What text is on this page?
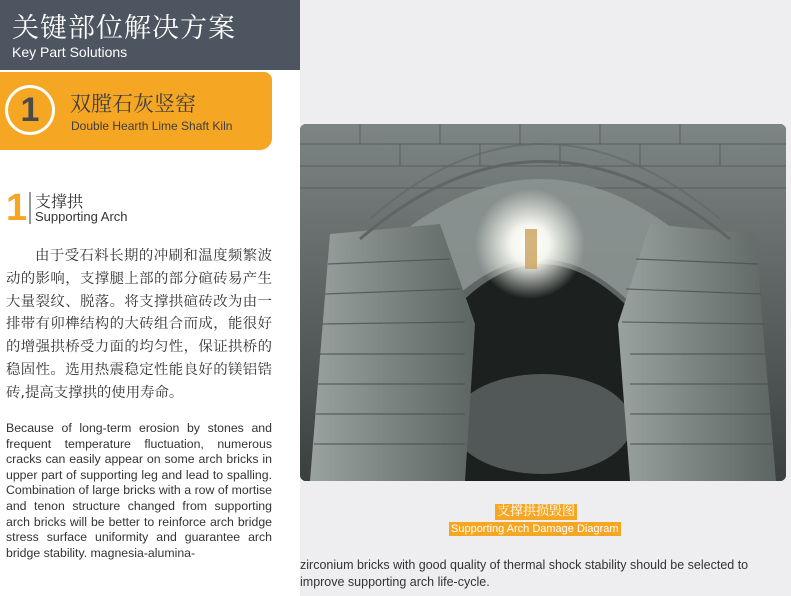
关键部位解决方案
Key Part Solutions
1	双膛石灰竖窑
Double Hearth Lime Shaft Kiln
1 支撑拱
Supporting Arch
由于受石料长期的冲刷和温度频繁波动的影响，支撑腿上部的部分碹砖易产生大量裂纹、脱落。将支撑拱碹砖改为由一排带有卯榫结构的大砖组合而成，能很好的增强拱桥受力面的均匀性，保证拱桥的稳固性。选用热震稳定性能良好的镁铝锆砖,提高支撑拱的使用寿命。
Because of long-term erosion by stones and frequent temperature fluctuation, numerous cracks can easily appear on some arch bricks in upper part of supporting leg and lead to spalling. Combination of large bricks with a row of mortise and tenon structure changed from supporting arch bricks will be better to reinforce arch bridge stress surface uniformity and guarantee arch bridge stability. magnesia-alumina-
支撑拱损毁图
Supporting Arch Damage Diagram
zirconium bricks with good quality of thermal shock stability should be selected to improve supporting arch life-cycle.
